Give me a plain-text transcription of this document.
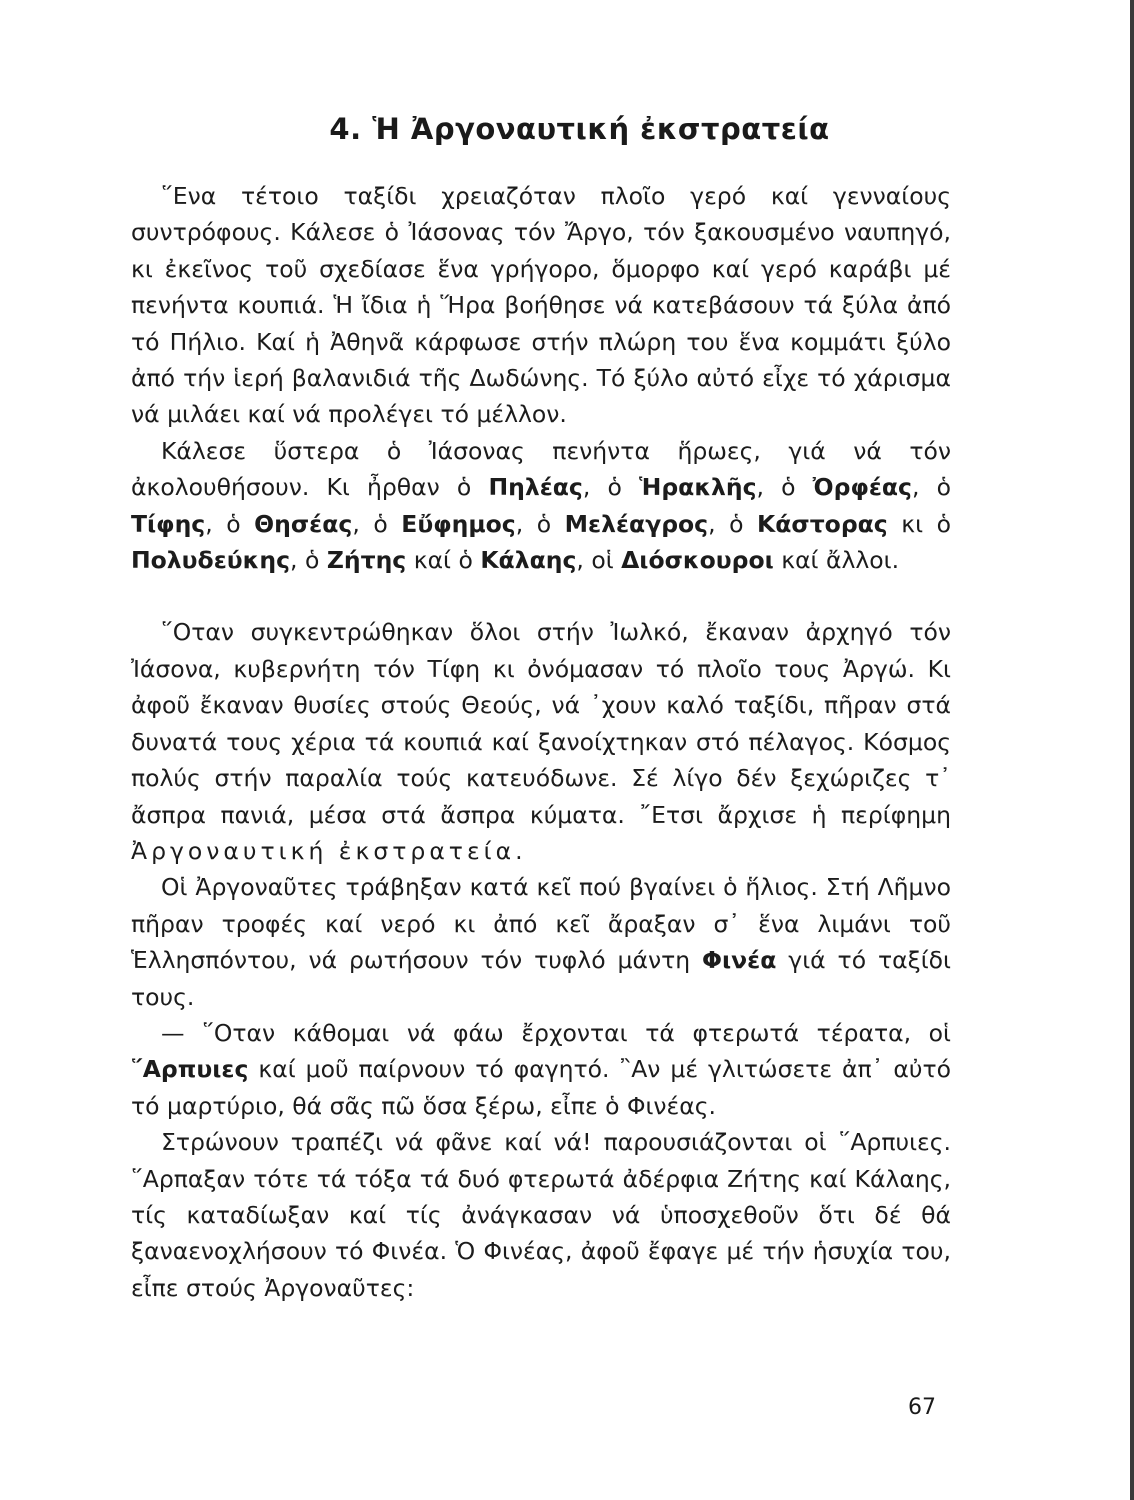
4. Ἡ Ἀργοναυτική ἐκστρατεία

῞Ενα τέτοιο ταξίδι χρειαζόταν πλοῖο γερό καί γενναίους συντρόφους. Κάλεσε ὁ Ἰάσονας τόν Ἄργο, τόν ξακουσμένο ναυπηγό, κι ἐκεῖνος τοῦ σχεδίασε ἕνα γρήγορο, ὅμορφο καί γερό καράβι μέ πενήντα κουπιά. Ἡ ἴδια ἡ Ἥρα βοήθησε νά κατεβάσουν τά ξύλα ἀπό τό Πήλιο. Καί ἡ Ἀθηνᾶ κάρφωσε στήν πλώρη του ἕνα κομμάτι ξύλο ἀπό τήν ἱερή βαλανιδιά τῆς Δωδώνης. Τό ξύλο αὐτό εἶχε τό χάρισμα νά μιλάει καί νά προλέγει τό μέλλον.

Κάλεσε ὕστερα ὁ Ἰάσονας πενήντα ἥρωες, γιά νά τόν ἀκολουθήσουν. Κι ἦρθαν ὁ Πηλέας, ὁ Ἡρακλῆς, ὁ Ὀρφέας, ὁ Τίφης, ὁ Θησέας, ὁ Εὔφημος, ὁ Μελέαγρος, ὁ Κάστορας κι ὁ Πολυδεύκης, ὁ Ζήτης καί ὁ Κάλαης, οἱ Διόσκουροι καί ἄλλοι.

῞Οταν συγκεντρώθηκαν ὅλοι στήν Ἰωλκό, ἔκαναν ἀρχηγό τόν Ἰάσονα, κυβερνήτη τόν Τίφη κι ὀνόμασαν τό πλοῖο τους Ἀργώ. Κι ἀφοῦ ἔκαναν θυσίες στούς Θεούς, νά ᾽χουν καλό ταξίδι, πῆραν στά δυνατά τους χέρια τά κουπιά καί ξανοίχτηκαν στό πέλαγος. Κόσμος πολύς στήν παραλία τούς κατευόδωνε. Σέ λίγο δέν ξεχώριζες τ᾽ ἄσπρα πανιά, μέσα στά ἄσπρα κύματα. ῎Ετσι ἄρχισε ἡ περίφημη Ἀργοναυτική ἐκστρατεία.

Οἱ Ἀργοναῦτες τράβηξαν κατά κεῖ πού βγαίνει ὁ ἥλιος. Στή Λῆμνο πῆραν τροφές καί νερό κι ἀπό κεῖ ἄραξαν σ᾽ ἕνα λιμάνι τοῦ Ἑλλησπόντου, νά ρωτήσουν τόν τυφλό μάντη Φινέα γιά τό ταξίδι τους.

— ῞Οταν κάθομαι νά φάω ἔρχονται τά φτερωτά τέρατα, οἱ ῞Αρπυιες καί μοῦ παίρνουν τό φαγητό. ῍Αν μέ γλιτώσετε ἀπ᾽ αὐτό τό μαρτύριο, θά σᾶς πῶ ὅσα ξέρω, εἶπε ὁ Φινέας.

Στρώνουν τραπέζι νά φᾶνε καί νά! παρουσιάζονται οἱ ῞Αρπυιες. ῞Αρπαξαν τότε τά τόξα τά δυό φτερωτά ἀδέρφια Ζήτης καί Κάλαης, τίς καταδίωξαν καί τίς ἀνάγκασαν νά ὑποσχεθοῦν ὅτι δέ θά ξαναενοχλήσουν τό Φινέα. Ὁ Φινέας, ἀφοῦ ἔφαγε μέ τήν ἡσυχία του, εἶπε στούς Ἀργοναῦτες:

67
